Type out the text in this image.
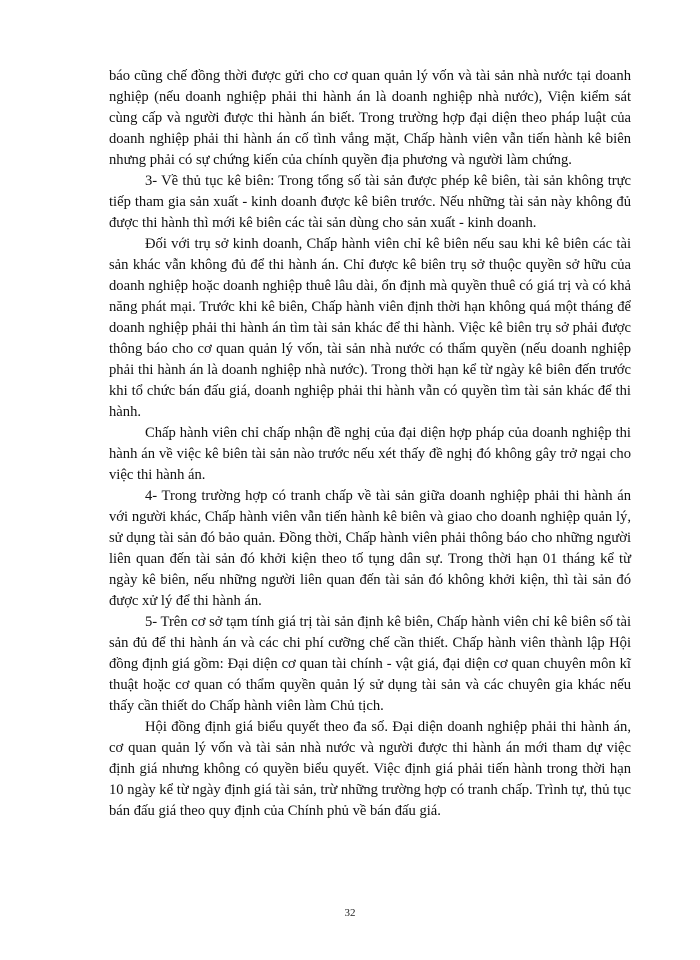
báo cũng chế đồng thời được gửi cho cơ quan quản lý vốn và tài sản nhà nước tại doanh nghiệp (nếu doanh nghiệp phải thi hành án là doanh nghiệp nhà nước), Viện kiểm sát cùng cấp và người được thi hành án biết. Trong trường hợp đại diện theo pháp luật của doanh nghiệp phải thi hành án cố tình vắng mặt, Chấp hành viên vẫn tiến hành kê biên nhưng phải có sự chứng kiến của chính quyền địa phương và người làm chứng.

3- Về thủ tục kê biên: Trong tổng số tài sản được phép kê biên, tài sản không trực tiếp tham gia sản xuất - kinh doanh được kê biên trước. Nếu những tài sản này không đủ được thi hành thì mới kê biên các tài sản dùng cho sản xuất - kinh doanh.

Đối với trụ sở kinh doanh, Chấp hành viên chỉ kê biên nếu sau khi kê biên các tài sản khác vẫn không đủ để thi hành án. Chỉ được kê biên trụ sở thuộc quyền sở hữu của doanh nghiệp hoặc doanh nghiệp thuê lâu dài, ổn định mà quyền thuê có giá trị và có khả năng phát mại. Trước khi kê biên, Chấp hành viên định thời hạn không quá một tháng để doanh nghiệp phải thi hành án tìm tài sản khác để thi hành. Việc kê biên trụ sở phải được thông báo cho cơ quan quản lý vốn, tài sản nhà nước có thẩm quyền (nếu doanh nghiệp phải thi hành án là doanh nghiệp nhà nước). Trong thời hạn kể từ ngày kê biên đến trước khi tổ chức bán đấu giá, doanh nghiệp phải thi hành vẫn có quyền tìm tài sản khác để thi hành.

Chấp hành viên chỉ chấp nhận đề nghị của đại diện hợp pháp của doanh nghiệp thi hành án về việc kê biên tài sản nào trước nếu xét thấy đề nghị đó không gây trở ngại cho việc thi hành án.

4- Trong trường hợp có tranh chấp về tài sản giữa doanh nghiệp phải thi hành án với người khác, Chấp hành viên vẫn tiến hành kê biên và giao cho doanh nghiệp quản lý, sử dụng tài sản đó bảo quản. Đồng thời, Chấp hành viên phải thông báo cho những người liên quan đến tài sản đó khởi kiện theo tố tụng dân sự. Trong thời hạn 01 tháng kể từ ngày kê biên, nếu những người liên quan đến tài sản đó không khởi kiện, thì tài sản đó được xử lý để thi hành án.

5- Trên cơ sở tạm tính giá trị tài sản định kê biên, Chấp hành viên chỉ kê biên số tài sản đủ để thi hành án và các chi phí cưỡng chế cần thiết. Chấp hành viên thành lập Hội đồng định giá gồm: Đại diện cơ quan tài chính - vật giá, đại diện cơ quan chuyên môn kĩ thuật hoặc cơ quan có thẩm quyền quản lý sử dụng tài sản và các chuyên gia khác nếu thấy cần thiết do Chấp hành viên làm Chủ tịch.

Hội đồng định giá biểu quyết theo đa số. Đại diện doanh nghiệp phải thi hành án, cơ quan quản lý vốn và tài sản nhà nước và người được thi hành án mới tham dự việc định giá nhưng không có quyền biểu quyết. Việc định giá phải tiến hành trong thời hạn 10 ngày kể từ ngày định giá tài sản, trừ những trường hợp có tranh chấp. Trình tự, thủ tục bán đấu giá theo quy định của Chính phủ về bán đấu giá.

32
